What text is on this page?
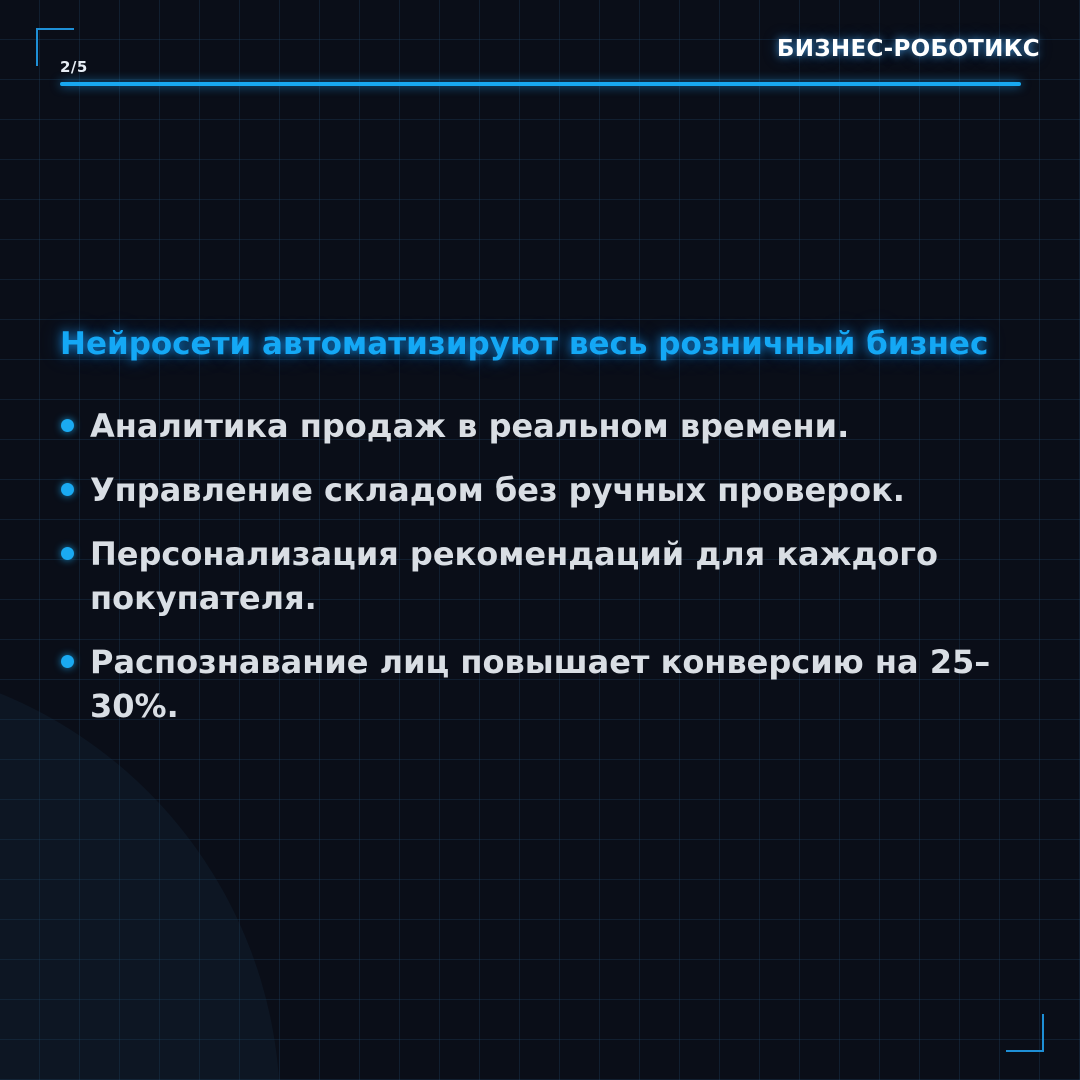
2/5
БИЗНЕС-РОБОТИКС
Нейросети автоматизируют весь розничный бизнес
Аналитика продаж в реальном времени.
Управление складом без ручных проверок.
Персонализация рекомендаций для каждого покупателя.
Распознавание лиц повышает конверсию на 25–30%.
